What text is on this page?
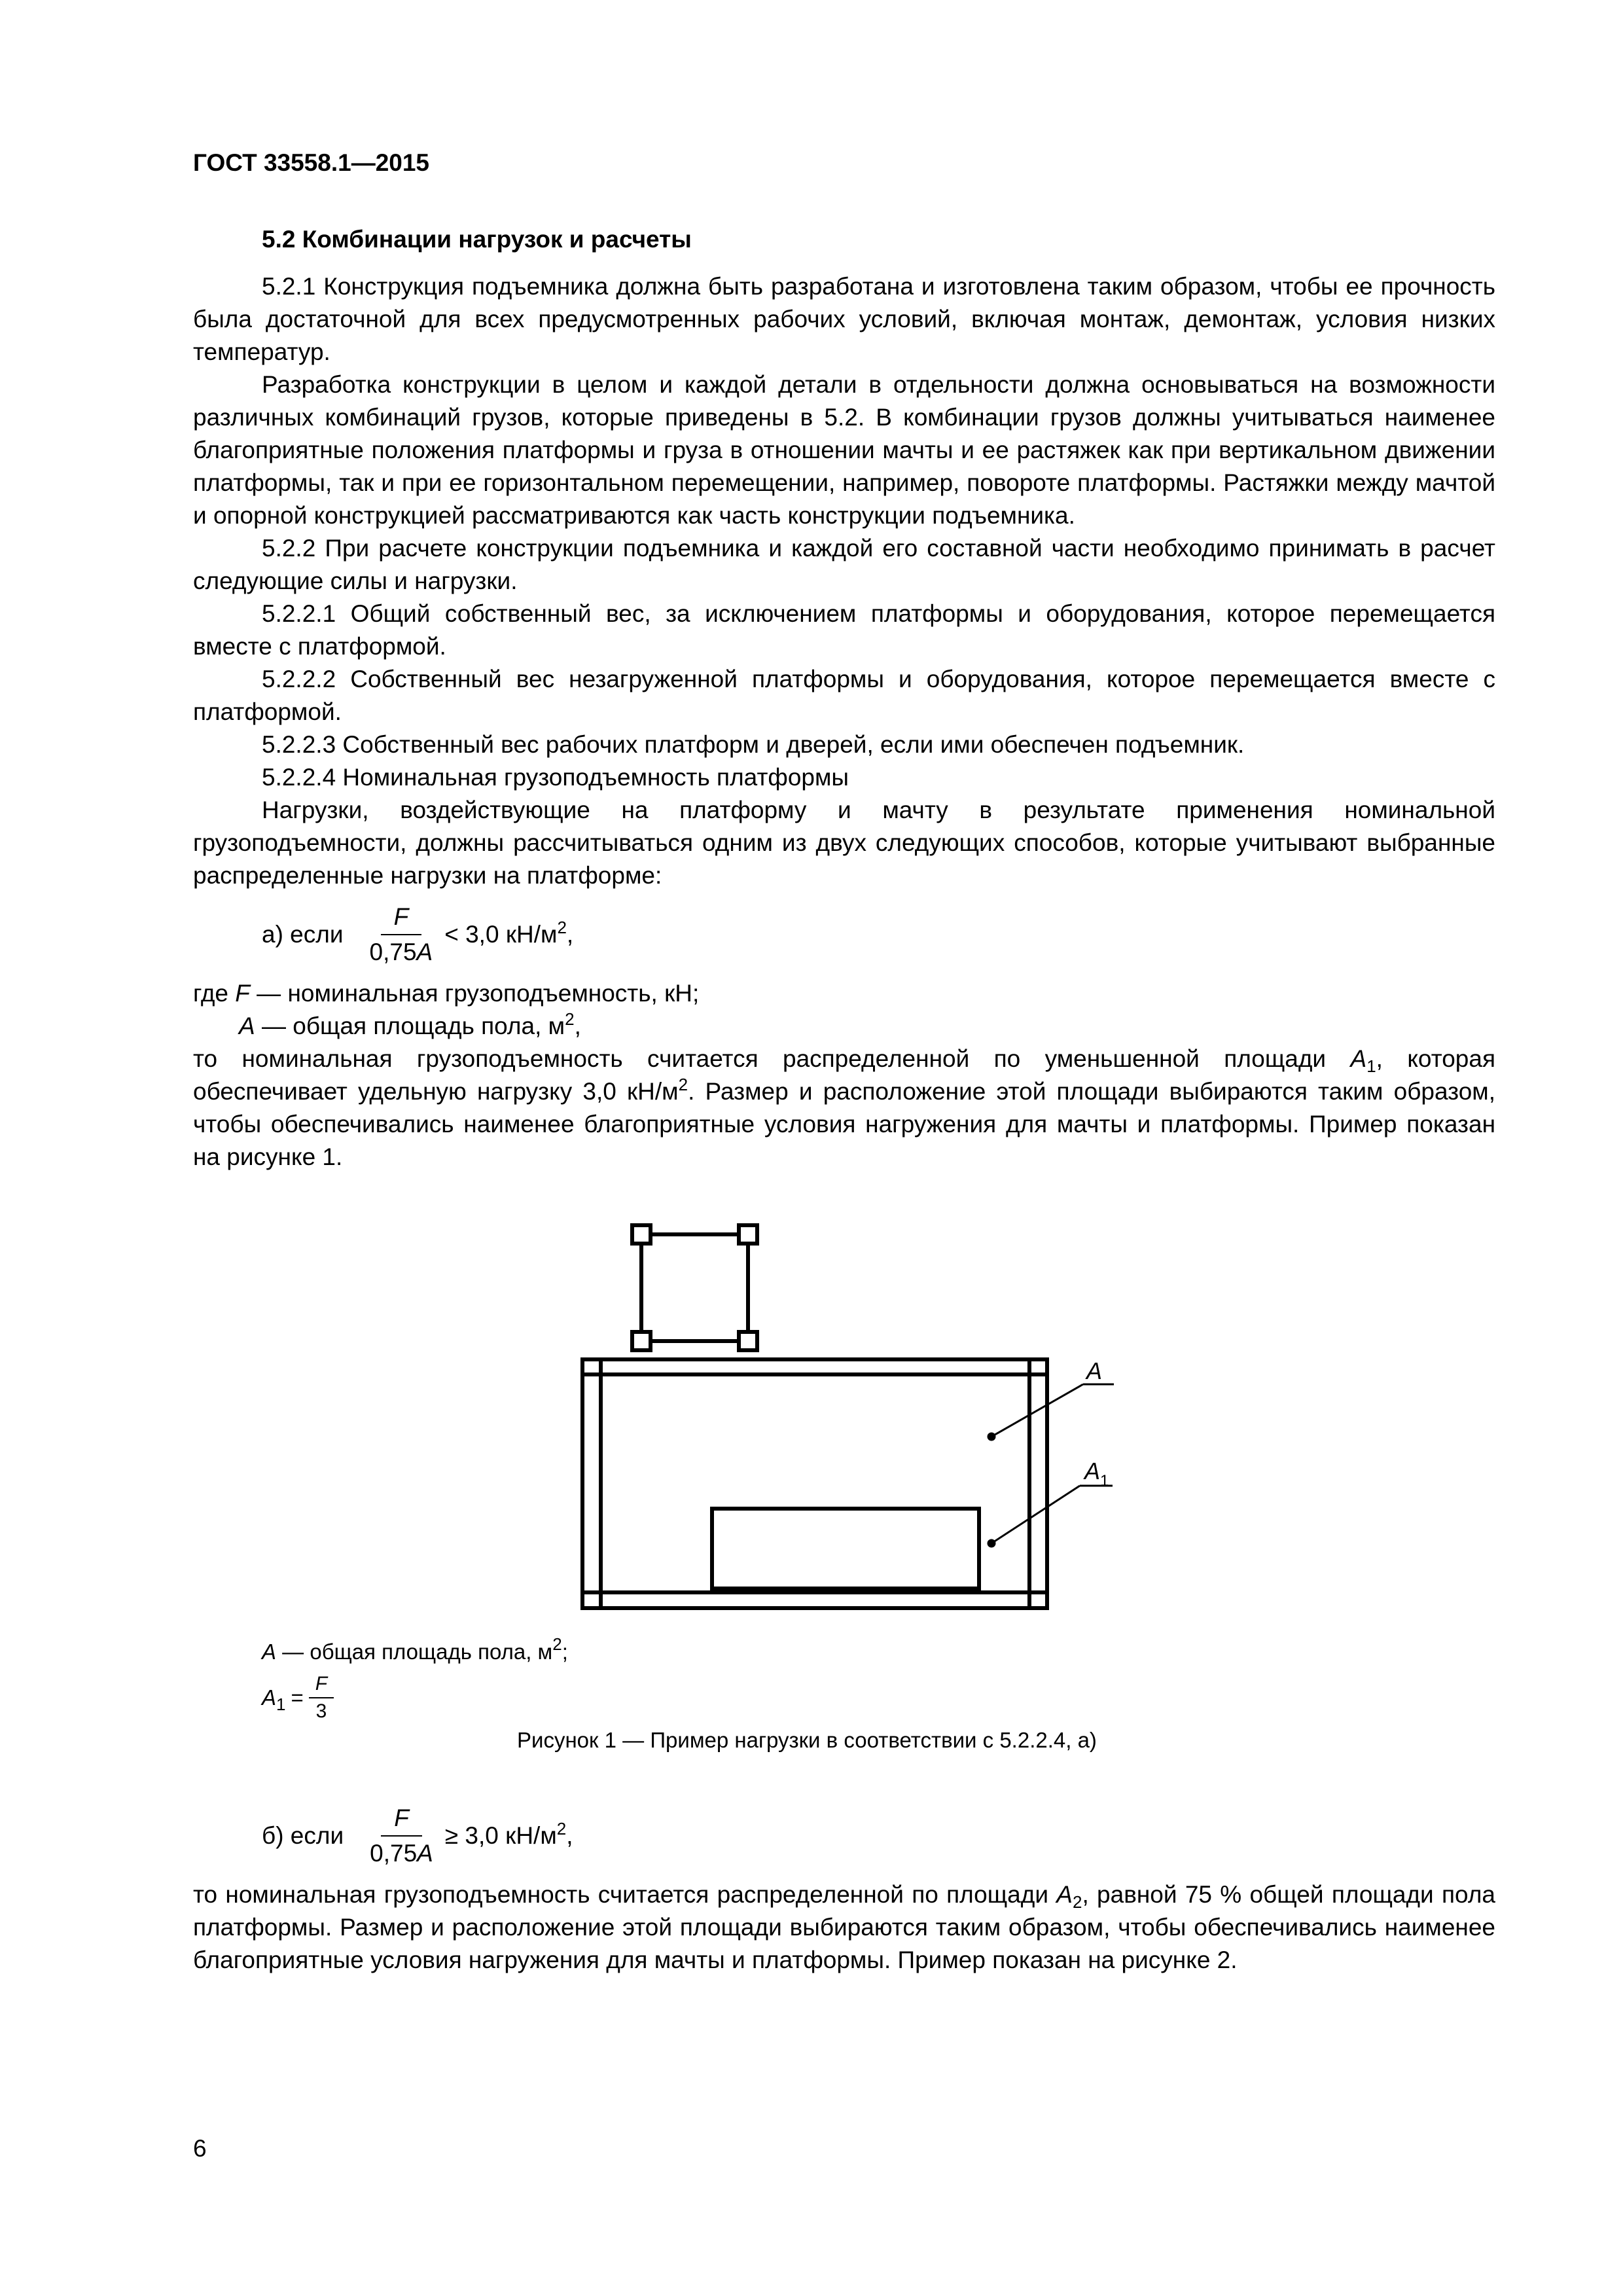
ГОСТ 33558.1—2015
5.2 Комбинации нагрузок и расчеты

5.2.1 Конструкция подъемника должна быть разработана и изготовлена таким образом, чтобы ее прочность была достаточной для всех предусмотренных рабочих условий, включая монтаж, демонтаж, условия низких температур.

Разработка конструкции в целом и каждой детали в отдельности должна основываться на возможности различных комбинаций грузов, которые приведены в 5.2. В комбинации грузов должны учитываться наименее благоприятные положения платформы и груза в отношении мачты и ее растяжек как при вертикальном движении платформы, так и при ее горизонтальном перемещении, например, повороте платформы. Растяжки между мачтой и опорной конструкцией рассматриваются как часть конструкции подъемника.

5.2.2 При расчете конструкции подъемника и каждой его составной части необходимо принимать в расчет следующие силы и нагрузки.

5.2.2.1 Общий собственный вес, за исключением платформы и оборудования, которое перемещается вместе с платформой.

5.2.2.2 Собственный вес незагруженной платформы и оборудования, которое перемещается вместе с платформой.

5.2.2.3 Собственный вес рабочих платформ и дверей, если ими обеспечен подъемник.

5.2.2.4 Номинальная грузоподъемность платформы

Нагрузки, воздействующие на платформу и мачту в результате применения номинальной грузоподъемности, должны рассчитываться одним из двух следующих способов, которые учитывают выбранные распределенные нагрузки на платформе:

а) если $\frac{F}{0,75A} < 3,0$ $кН/м^2$,

где F — номинальная грузоподъемность, кН;

A — общая площадь пола, $м^2$,

то номинальная грузоподъемность считается распределенной по уменьшенной площади $A_1$, которая обеспечивает удельную нагрузку 3,0 $кН/м^2$. Размер и расположение этой площади выбираются таким образом, чтобы обеспечивались наименее благоприятные условия нагружения для мачты и платформы. Пример показан на рисунке 1.

A
$A_1$
A — общая площадь пола, $м^2$;
$A_1 = \frac{F}{3}$
Рисунок 1 — Пример нагрузки в соответствии с 5.2.2.4, а)
б) если $\frac{F}{0,75A} \ge 3,0$ $кН/м^2$,

то номинальная грузоподъемность считается распределенной по площади $A_2$, равной 75 % общей площади пола платформы. Размер и расположение этой площади выбираются таким образом, чтобы обеспечивались наименее благоприятные условия нагружения для мачты и платформы. Пример показан на рисунке 2.

6
